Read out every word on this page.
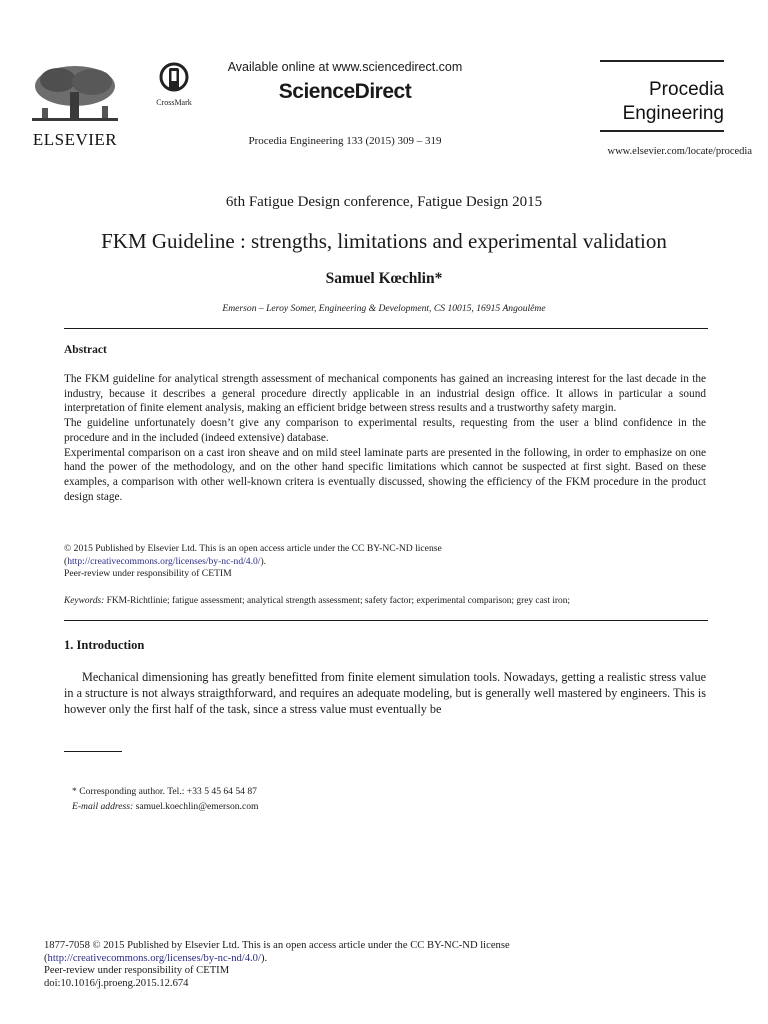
ELSEVIER
CrossMark
Available online at www.sciencedirect.com
ScienceDirect
Procedia Engineering 133 (2015) 309 – 319
Procedia
Engineering
www.elsevier.com/locate/procedia
6th Fatigue Design conference, Fatigue Design 2015
FKM Guideline : strengths, limitations and experimental validation
Samuel Kœchlin*
Emerson – Leroy Somer, Engineering & Development, CS 10015, 16915 Angoulême
Abstract

The FKM guideline for analytical strength assessment of mechanical components has gained an increasing interest for the last decade in the industry, because it describes a general procedure directly applicable in an industrial design office. It allows in particular a sound interpretation of finite element analysis, making an efficient bridge between stress results and a trustworthy safety margin.

The guideline unfortunately doesn’t give any comparison to experimental results, requesting from the user a blind confidence in the procedure and in the included (indeed extensive) database.

Experimental comparison on a cast iron sheave and on mild steel laminate parts are presented in the following, in order to emphasize on one hand the power of the methodology, and on the other hand specific limitations which cannot be suspected at first sight. Based on these examples, a comparison with other well-known critera is eventually discussed, showing the efficiency of the FKM procedure in the product design stage.

© 2015 Published by Elsevier Ltd. This is an open access article under the CC BY-NC-ND license
(http://creativecommons.org/licenses/by-nc-nd/4.0/).
Peer-review under responsibility of CETIM
Keywords: FKM-Richtlinie; fatigue assessment; analytical strength assessment; safety factor; experimental comparison; grey cast iron;
1. Introduction

Mechanical dimensioning has greatly benefitted from finite element simulation tools. Nowadays, getting a realistic stress value in a structure is not always straigthforward, and requires an adequate modeling, but is generally well mastered by engineers. This is however only the first half of the task, since a stress value must eventually be

* Corresponding author. Tel.: +33 5 45 64 54 87
E-mail address: samuel.koechlin@emerson.com
1877-7058 © 2015 Published by Elsevier Ltd. This is an open access article under the CC BY-NC-ND license
(http://creativecommons.org/licenses/by-nc-nd/4.0/).
Peer-review under responsibility of CETIM
doi:10.1016/j.proeng.2015.12.674
